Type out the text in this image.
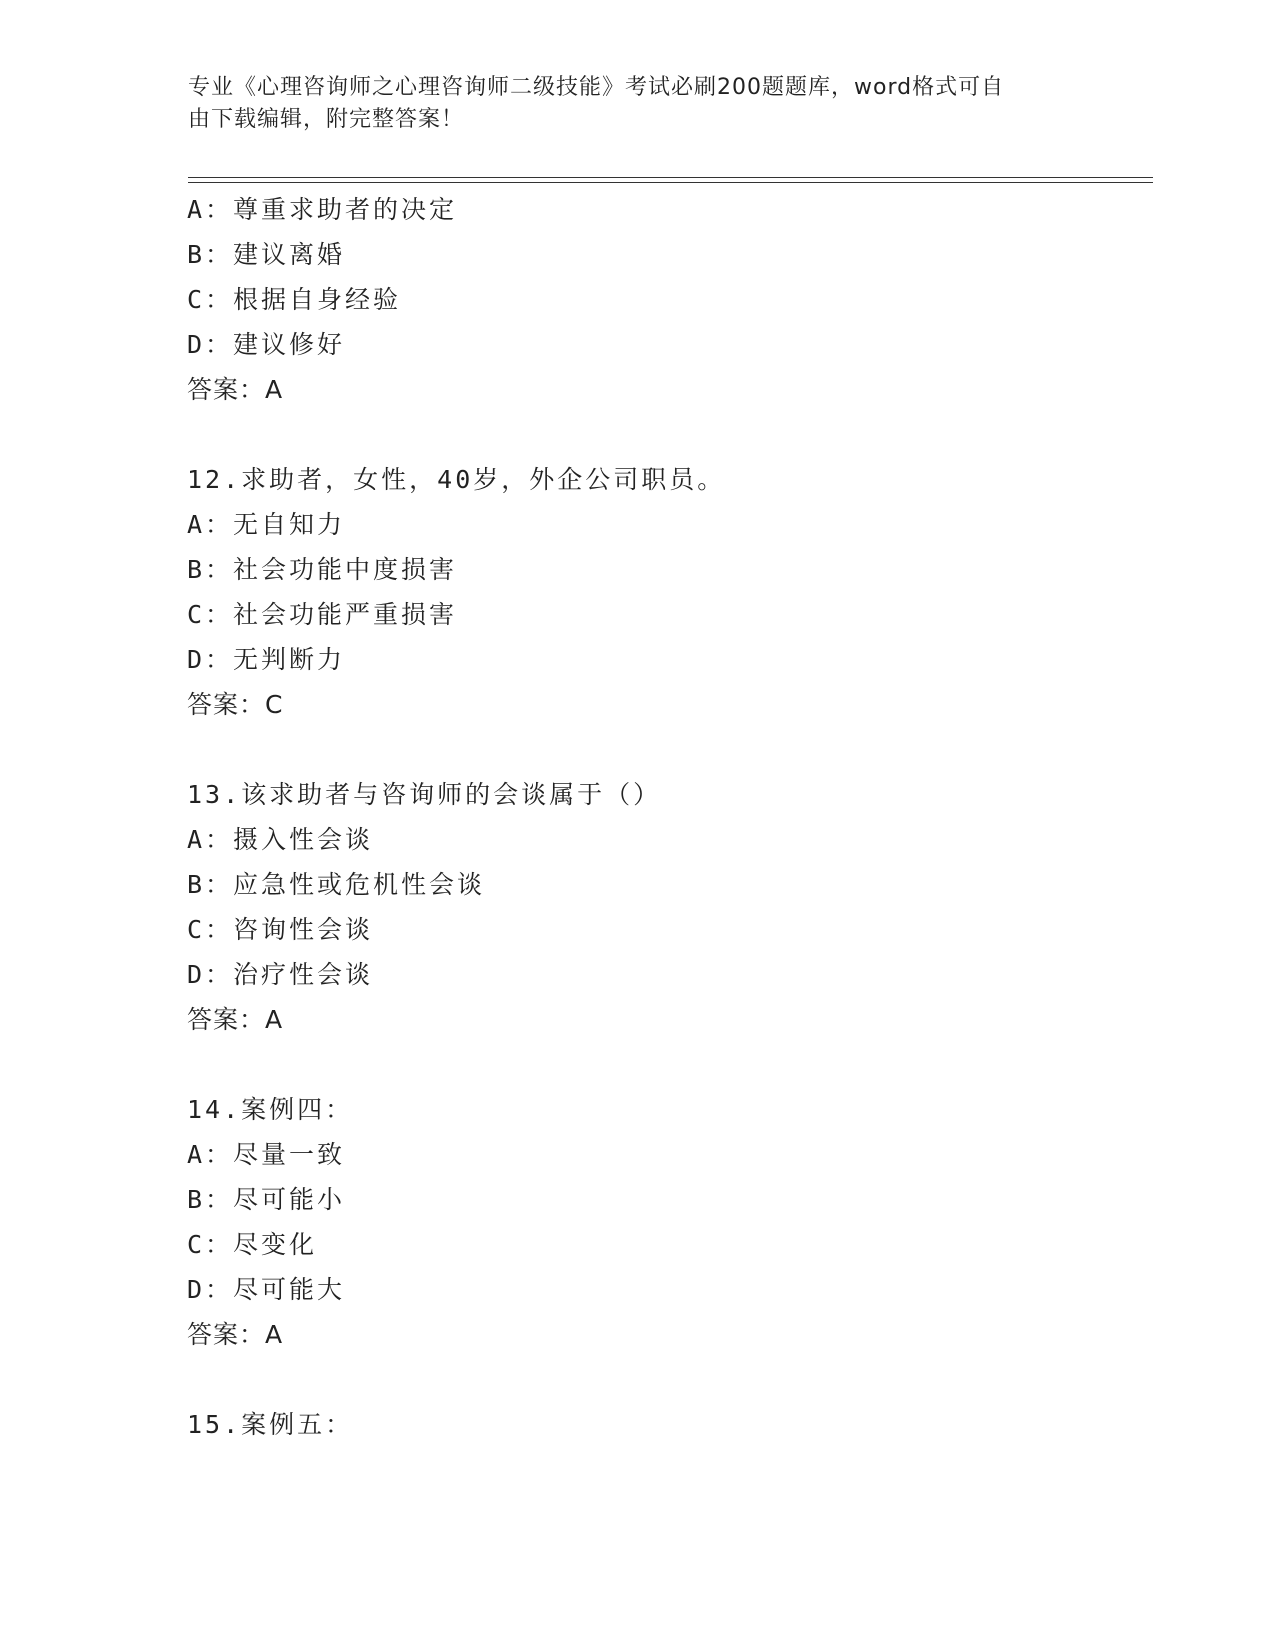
专业《心理咨询师之心理咨询师二级技能》考试必刷200题题库，word格式可自
由下载编辑，附完整答案！
A：尊重求助者的决定
B：建议离婚
C：根据自身经验
D：建议修好
答案：A
12.求助者，女性，40岁，外企公司职员。
A：无自知力
B：社会功能中度损害
C：社会功能严重损害
D：无判断力
答案：C
13.该求助者与咨询师的会谈属于（）
A：摄入性会谈
B：应急性或危机性会谈
C：咨询性会谈
D：治疗性会谈
答案：A
14.案例四：
A：尽量一致
B：尽可能小
C：尽变化
D：尽可能大
答案：A
15.案例五：
